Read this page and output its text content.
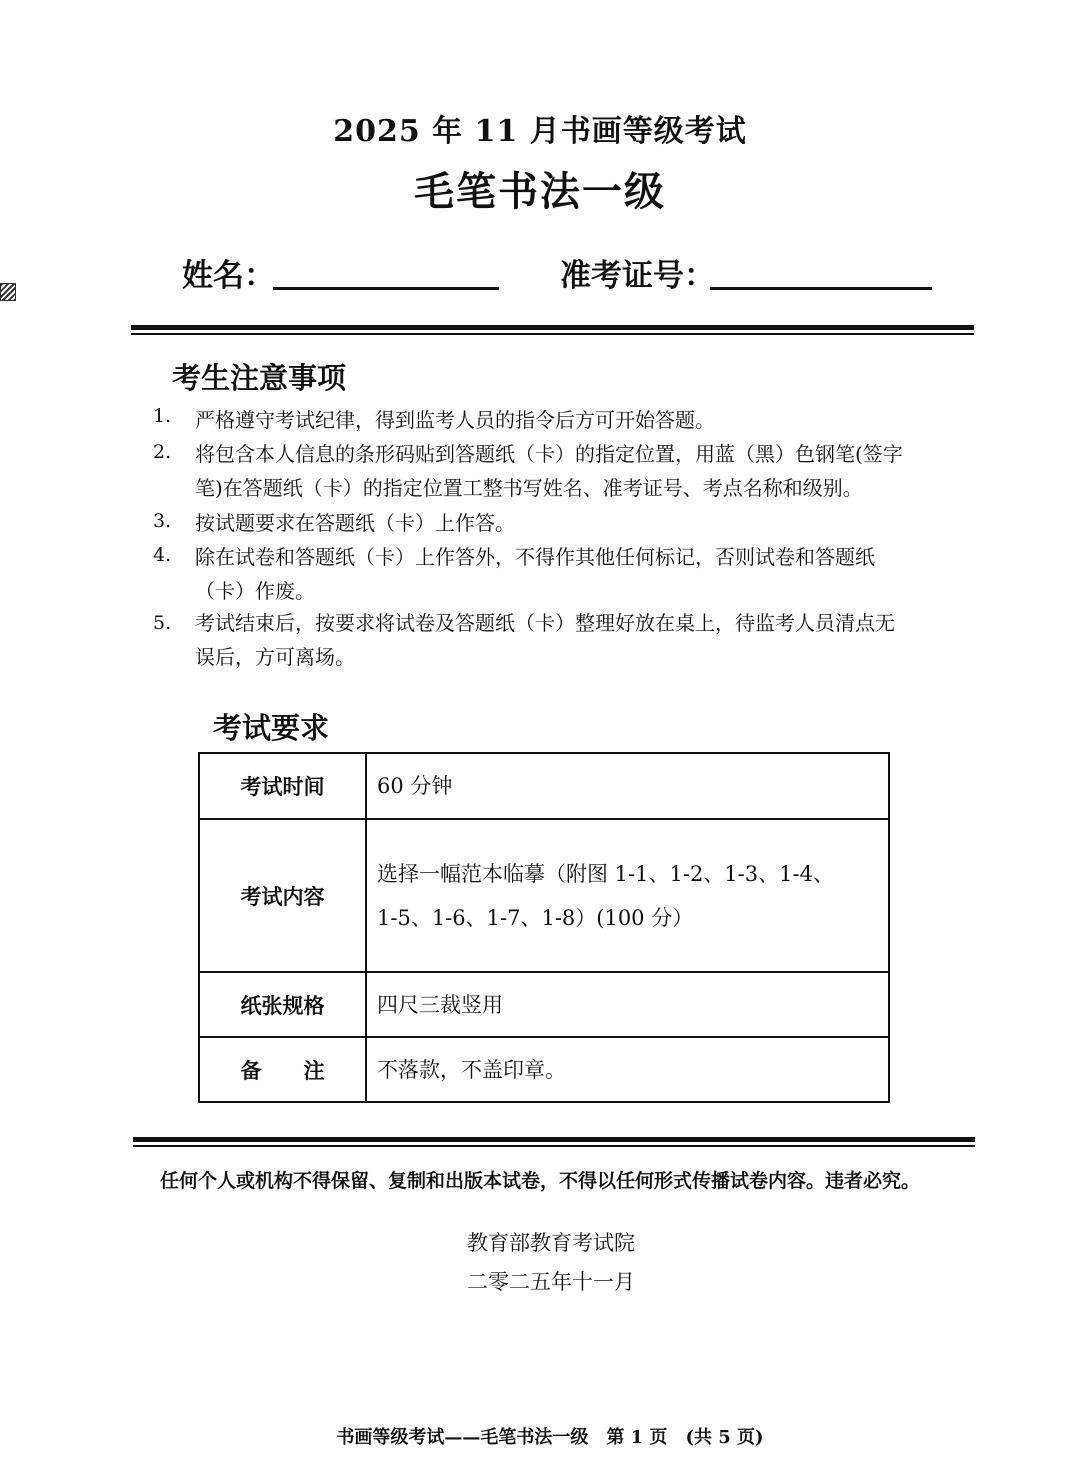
2025 年 11 月书画等级考试
毛笔书法一级
姓名：	准考证号：
考生注意事项
1.	严格遵守考试纪律，得到监考人员的指令后方可开始答题。
2.	将包含本人信息的条形码贴到答题纸（卡）的指定位置，用蓝（黑）色钢笔(签字
笔)在答题纸（卡）的指定位置工整书写姓名、准考证号、考点名称和级别。
3.	按试题要求在答题纸（卡）上作答。
4.	除在试卷和答题纸（卡）上作答外，不得作其他任何标记，否则试卷和答题纸
（卡）作废。
5.	考试结束后，按要求将试卷及答题纸（卡）整理好放在桌上，待监考人员清点无
误后，方可离场。
考试要求
考试时间	60 分钟

考试内容	选择一幅范本临摹（附图 1-1、1-2、1-3、1-4、
1-5、1-6、1-7、1-8）(100 分）

纸张规格	四尺三裁竖用

备　　注	不落款，不盖印章。
任何个人或机构不得保留、复制和出版本试卷，不得以任何形式传播试卷内容。违者必究。
教育部教育考试院
二零二五年十一月
书画等级考试——毛笔书法一级　第 1 页　(共 5 页)
